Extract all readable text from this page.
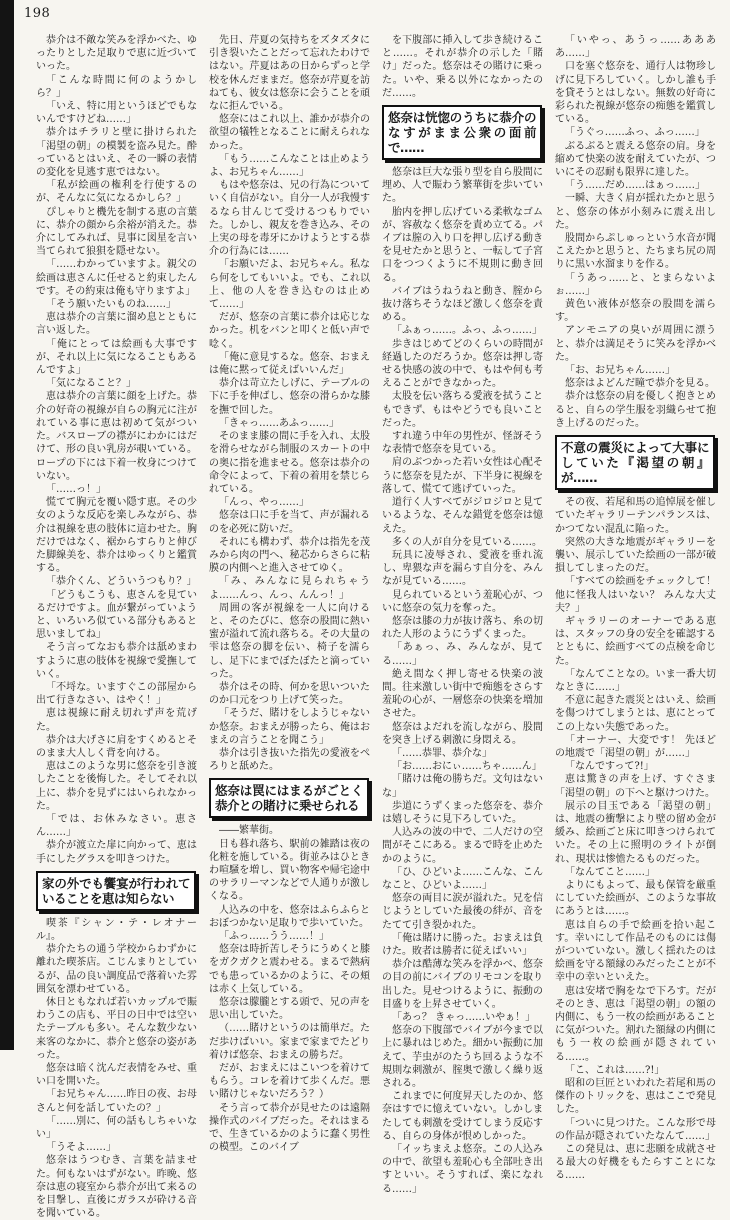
198

恭介は不敵な笑みを浮かべた、ゆったりとした足取りで恵に近づいていった。

「こんな時間に何のようかしら？」

「いえ、特に用というほどでもないんですけどね……」

恭介はチラリと壁に掛けられた「渇望の朝」の模製を盗み見た。酔っているとはいえ、その一瞬の表情の変化を見逃す恵ではない。

「私が絵画の権利を行使するのが、そんなに気になるかしら？」

ぴしゃりと機先を制する恵の言葉に、恭介の顔から余裕が消えた。恭介にしてみれば、見事に図星を言い当てられて狼狽を隠せない。

「……わかっていますよ。親父の絵画は恵さんに任せると約束したんです。その約束は俺も守りますよ」

「そう願いたいものね……」

恵は恭介の言葉に溜め息とともに言い返した。

「俺にとっては絵画も大事ですが、それ以上に気になることもあるんですよ」

「気になること？」

恵は恭介の言葉に顔を上げた。恭介の好奇の視線が自らの胸元に注がれている事に恵は初めて気がついた。バスローブの襟がにわかにはだけて、形の良い乳房が覗いている。ロープの下には下着一枚身につけていない。

「……っ！」

慌てて胸元を覆い隠す恵。その少女のような反応を楽しみながら、恭介は視線を恵の肢体に這わせた。胸だけではなく、裾からすらりと伸びた脚線美を、恭介はゆっくりと鑑賞する。

「恭介くん、どういうつもり？」

「どうもこうも、恵さんを見ているだけですよ。血が繋がっていようと、いろいろ似ている部分もあると思いましてね」

そう言ってなおも恭介は舐めまわすように恵の肢体を視線で愛撫していく。

「不埒な。いますぐこの部屋から出て行きなさい、はやく！」

恵は視線に耐え切れず声を荒げた。

恭介は大げさに肩をすくめるとそのまま大人しく背を向ける。

恵はこのような男に悠奈を引き渡したことを後悔した。そしてそれ以上に、恭介を見ずにはいられなかった。

「では、お休みなさい。恵さん……」

恭介が渡立た扉に向かって、恵は手にしたグラスを叩きつけた。

家の外でも饗宴が行われていることを恵は知らない

喫茶『シャン・テ・レオナール』。

恭介たちの通う学校からわずかに離れた喫茶店。こじんまりとしているが、品の良い調度品で落着いた雰囲気を漂わせている。

休日ともなれば若いカップルで賑わうこの店も、平日の日中では空いたテーブルも多い。そんな数少ない来客のなかに、恭介と悠奈の姿があった。

悠奈は暗く沈んだ表情をみせ、重い口を開いた。

「お兄ちゃん……昨日の夜、お母さんと何を話していたの？」

「……別に、何の話もしちゃいない」

「うそよ……」

悠奈はうつむき、言葉を詰ませた。何もないはずがない。昨晩、悠奈は恵の寝室から恭介が出て来るのを目撃し、直後にガラスが砕ける音を聞いている。

先日、芹夏の気持ちをズタズタに引き裂いたことだって忘れたわけではない。芹夏はあの日からずっと学校を休んだままだ。悠奈が芹夏を訪ねても、彼女は悠奈に会うことを頑なに拒んでいる。

悠奈にはこれ以上、誰かが恭介の欲望の犠牲となることに耐えられなかった。

「もう……こんなことは止めようよ、お兄ちゃん……」

もはや悠奈は、兄の行為についていく自信がない。自分一人が我慢するなら甘んじて受けるつもりでいた。しかし、親友を巻き込み、その上実の母を毒牙にかけようとする恭介の行為には……

「お願いだよ、お兄ちゃん。私なら何をしてもいいよ。でも、これ以上、他の人を巻き込むのは止めて……」

だが、悠奈の言葉に恭介は応じなかった。机をバンと叩くと低い声で唸く。

「俺に意見するな。悠奈、おまえは俺に黙って従えばいいんだ」

恭介は苛立たしげに、テーブルの下に手を伸ばし、悠奈の滑らかな膝を撫で回した。

「きゃっ……あふっ……」

そのまま膝の間に手を入れ、太股を滑らせながら制服のスカートの中の奥に指を進ませる。悠奈は恭介の命令によって、下着の着用を禁じられている。

「んっ、やっ……」

悠奈は口に手を当て、声が漏れるのを必死に防いだ。

それにも構わず、恭介は指先を茂みから肉の門へ、秘芯からさらに粘膜の内側へと進入させてゆく。

「み、みんなに見られちゃうよ……んっ、んっ、んんっ！」

周囲の客が視線を一人に向けると、そのたびに、悠奈の股間に熱い蜜が溢れて流れ落ちる。その大量の雫は悠奈の脚を伝い、椅子を濡らし、足下にまでぼたぼたと滴っていった。

恭介はその時、何かを思いついたのか口元をつり上げて笑った。

「そうだ、賭けをしようじゃないか悠奈。おまえが勝ったら、俺はおまえの言うことを聞こう」

恭介は引き抜いた指先の愛液をぺろりと舐めた。

悠奈は罠にはまるがごとく恭介との賭けに乗せられる

――繁華街。

日も暮れ落ち、駅前の雑踏は夜の化粧を施している。街並みはひときわ喧騒を増し、買い物客や帰宅途中のサラリーマンなどで人通りが激しくなる。

人込みの中を、悠奈はふらふらとおぼつかない足取りで歩いていた。

「ふっ……うう……！」

悠奈は時折苦しそうにうめくと膝をガクガクと震わせる。まるで熱病でも患っているかのように、その頬は赤く上気している。

悠奈は朦朧とする頭で、兄の声を思い出していた。

（……賭けというのは簡単だ。ただ歩けばいい。家まで家までたどり着けば悠奈、おまえの勝ちだ。

だが、おまえにはこいつを着けてもらう。コレを着けて歩くんだ。悪い賭けじゃないだろう？）

そう言って恭介が見せたのは遠隔操作式のバイブだった。それはまるで、生きているかのように蠢く男性の模型。このバイブ

を下腹部に挿入して歩き続けること……。それが恭介の示した「賭け」だった。悠奈はその賭けに乗った。いや、乗る以外になかったのだ……。

悠奈は恍惚のうちに恭介のなすがまま公衆の面前で……

悠奈は巨大な張り型を自ら股間に埋め、人で賑わう繁華街を歩いていた。

胎内を押し広げている柔軟なゴムが、容赦なく悠奈を責め立てる。パイブは膣の入り口を押し広げる動きを見せたかと思うと、一転して子宮口をつつくように不規則に動き回る。

バイブはうねうねと動き、腟から抜け落ちそうなほど激しく悠奈を責める。

「ふぁっ……。ふっ、ふっ……」

歩きはじめてどのくらいの時間が経過したのだろうか。悠奈は押し寄せる快感の波の中で、もはや何も考えることができなかった。

太股を伝い落ちる愛液を拭うこともできず、もはやどうでも良いことだった。

すれ違う中年の男性が、怪訝そうな表情で悠奈を見ている。

肩のぶつかった若い女性は心配そうに悠奈を見たが、下半身に視線を落して、慌てて逃げていった。

道行く人すべてがジロジロと見ているような、そんな錯覚を悠奈は憶えた。

多くの人が自分を見ている……。

玩具に凌辱され、愛液を垂れ流し、卑猥な声を漏らす自分を、みんなが見ている……。

見られているという羞恥心が、ついに悠奈の気力を奪った。

悠奈は膝の力が抜け落ち、糸の切れた人形のようにうずくまった。

「あぁっ、み、みんなが、見てる……」

絶え間なく押し寄せる快楽の波間。往来激しい街中で痴態をさらす羞恥の心が、一層悠奈の快楽を増加させた。

悠奈はよだれを流しながら、股間を突き上げる刺激に身悶える。

「……恭罪、恭介な」

「お……おにぃ……ちゃ……ん」

「賭けは俺の勝ちだ。文句はないな」

歩道にうずくまった悠奈を、恭介は嬉しそうに見下ろしていた。

人込みの波の中で、二人だけの空間がそこにある。まるで時を止めたかのように。

「ひ、ひどいよ……こんな、こんなこと、ひどいよ……」

悠奈の両目に涙が溢れた。兄を信じようとしていた最後の絆が、音をたてて引き裂かれた。

「俺は賭けに勝った。おまえは負けた。敗者は勝者に従えばいい」

恭介は酷薄な笑みを浮かべ、悠奈の目の前にバイブのリモコンを取り出した。見せつけるように、振動の目盛りを上昇させていく。

「あっ？ きゃっ……いやぁ！」

悠奈の下腹部でバイブが今まで以上に暴れはじめた。細かい振動に加えて、芋虫がのたうち回るような不規則な刺激が、腟奥で激しく繰り返される。

これまでに何度昇天したのか、悠奈はすでに憶えていない。しかしまたしても刺激を受けてしまう反応する、自らの身体が恨めしかった。

「イッちまえよ悠奈。この人込みの中で、欲望も羞恥心も全部吐き出すといい。そうすれば、楽になれる……」

「いやっ、あうっ……ああああ……」

口を塞ぐ悠奈を、通行人は物珍しげに見下ろしていく。しかし誰も手を貸そうとはしない。無数の好奇に彩られた視線が悠奈の痴態を鑑賞している。

「うぐっ……ふっ、ふっ……」

ぶるぶると震える悠奈の肩。身を縮めて快楽の波を耐えていたが、ついにその忍耐も限界に達した。

「う……だめ……はぁっ……」

一瞬、大きく肩が揺れたかと思うと、悠奈の体が小刻みに震え出した。

股間からぷしゅっという水音が聞こえたかと思うと、たちまち尻の周りに黒い水溜まりを作る。

「うあっ……と、とまらないよぉ……」

黄色い液体が悠奈の股間を濡らす。

アンモニアの臭いが周囲に漂うと、恭介は満足そうに笑みを浮かべた。

「お、お兄ちゃん……」

悠奈はよどんだ瞳で恭介を見る。

恭介は悠奈の肩を優しく抱きとめると、自らの学生服を羽織らせて抱き上げるのだった。

不意の震災によって大事にしていた『渇望の朝』が……

その夜、若尾和馬の追悼展を催していたギャラリーテンパランスは、かつてない混乱に陥った。

突然の大きな地震がギャラリーを襲い、展示していた絵画の一部が破損してしまったのだ。

「すべての絵画をチェックして！ 他に怪我人はいない？ みんな大丈夫？」

ギャラリーのオーナーである恵は、スタッフの身の安全を確認するとともに、絵画すべての点検を命じた。

「なんてことなの。いま一番大切なときに……」

不意に起きた震災とはいえ、絵画を傷つけてしまうとは、恵にとってこの上ない失態であった。

「オーナー、大変です！ 先ほどの地震で「渇望の朝」が……」

「なんですって?!」

恵は驚きの声を上げ、すぐさま「渇望の朝」の下へと駆けつけた。

展示の目玉である「渇望の朝」は、地震の衝撃により壁の留め金が緩み、絵画ごと床に叩きつけられていた。その上に照明のライトが倒れ、現状は惨憺たるものだった。

「なんてこと……」

よりにもよって、最も保管を厳重にしていた絵画が、このような事故にあうとは……。

恵は自らの手で絵画を拾い起こす。幸いにして作品そのものには傷がついていない。激しく揺れたのは絵画を守る額縁のみだったことが不幸中の幸いといえた。

恵は安堵で胸をなで下ろす。だがそのとき、恵は「渇望の朝」の額の内側に、もう一枚の絵画があることに気がついた。割れた額縁の内側にもう一枚の絵画が隠されている……。

「こ、これは……?!」

昭和の巨匠といわれた若尾和馬の傑作のトリックを、恵はここで発見した。

「ついに見つけた。こんな形で母の作品が隠されていたなんて……」

この発見は、恵に悲願を成就させる最大の好機をもたらすことになる……
